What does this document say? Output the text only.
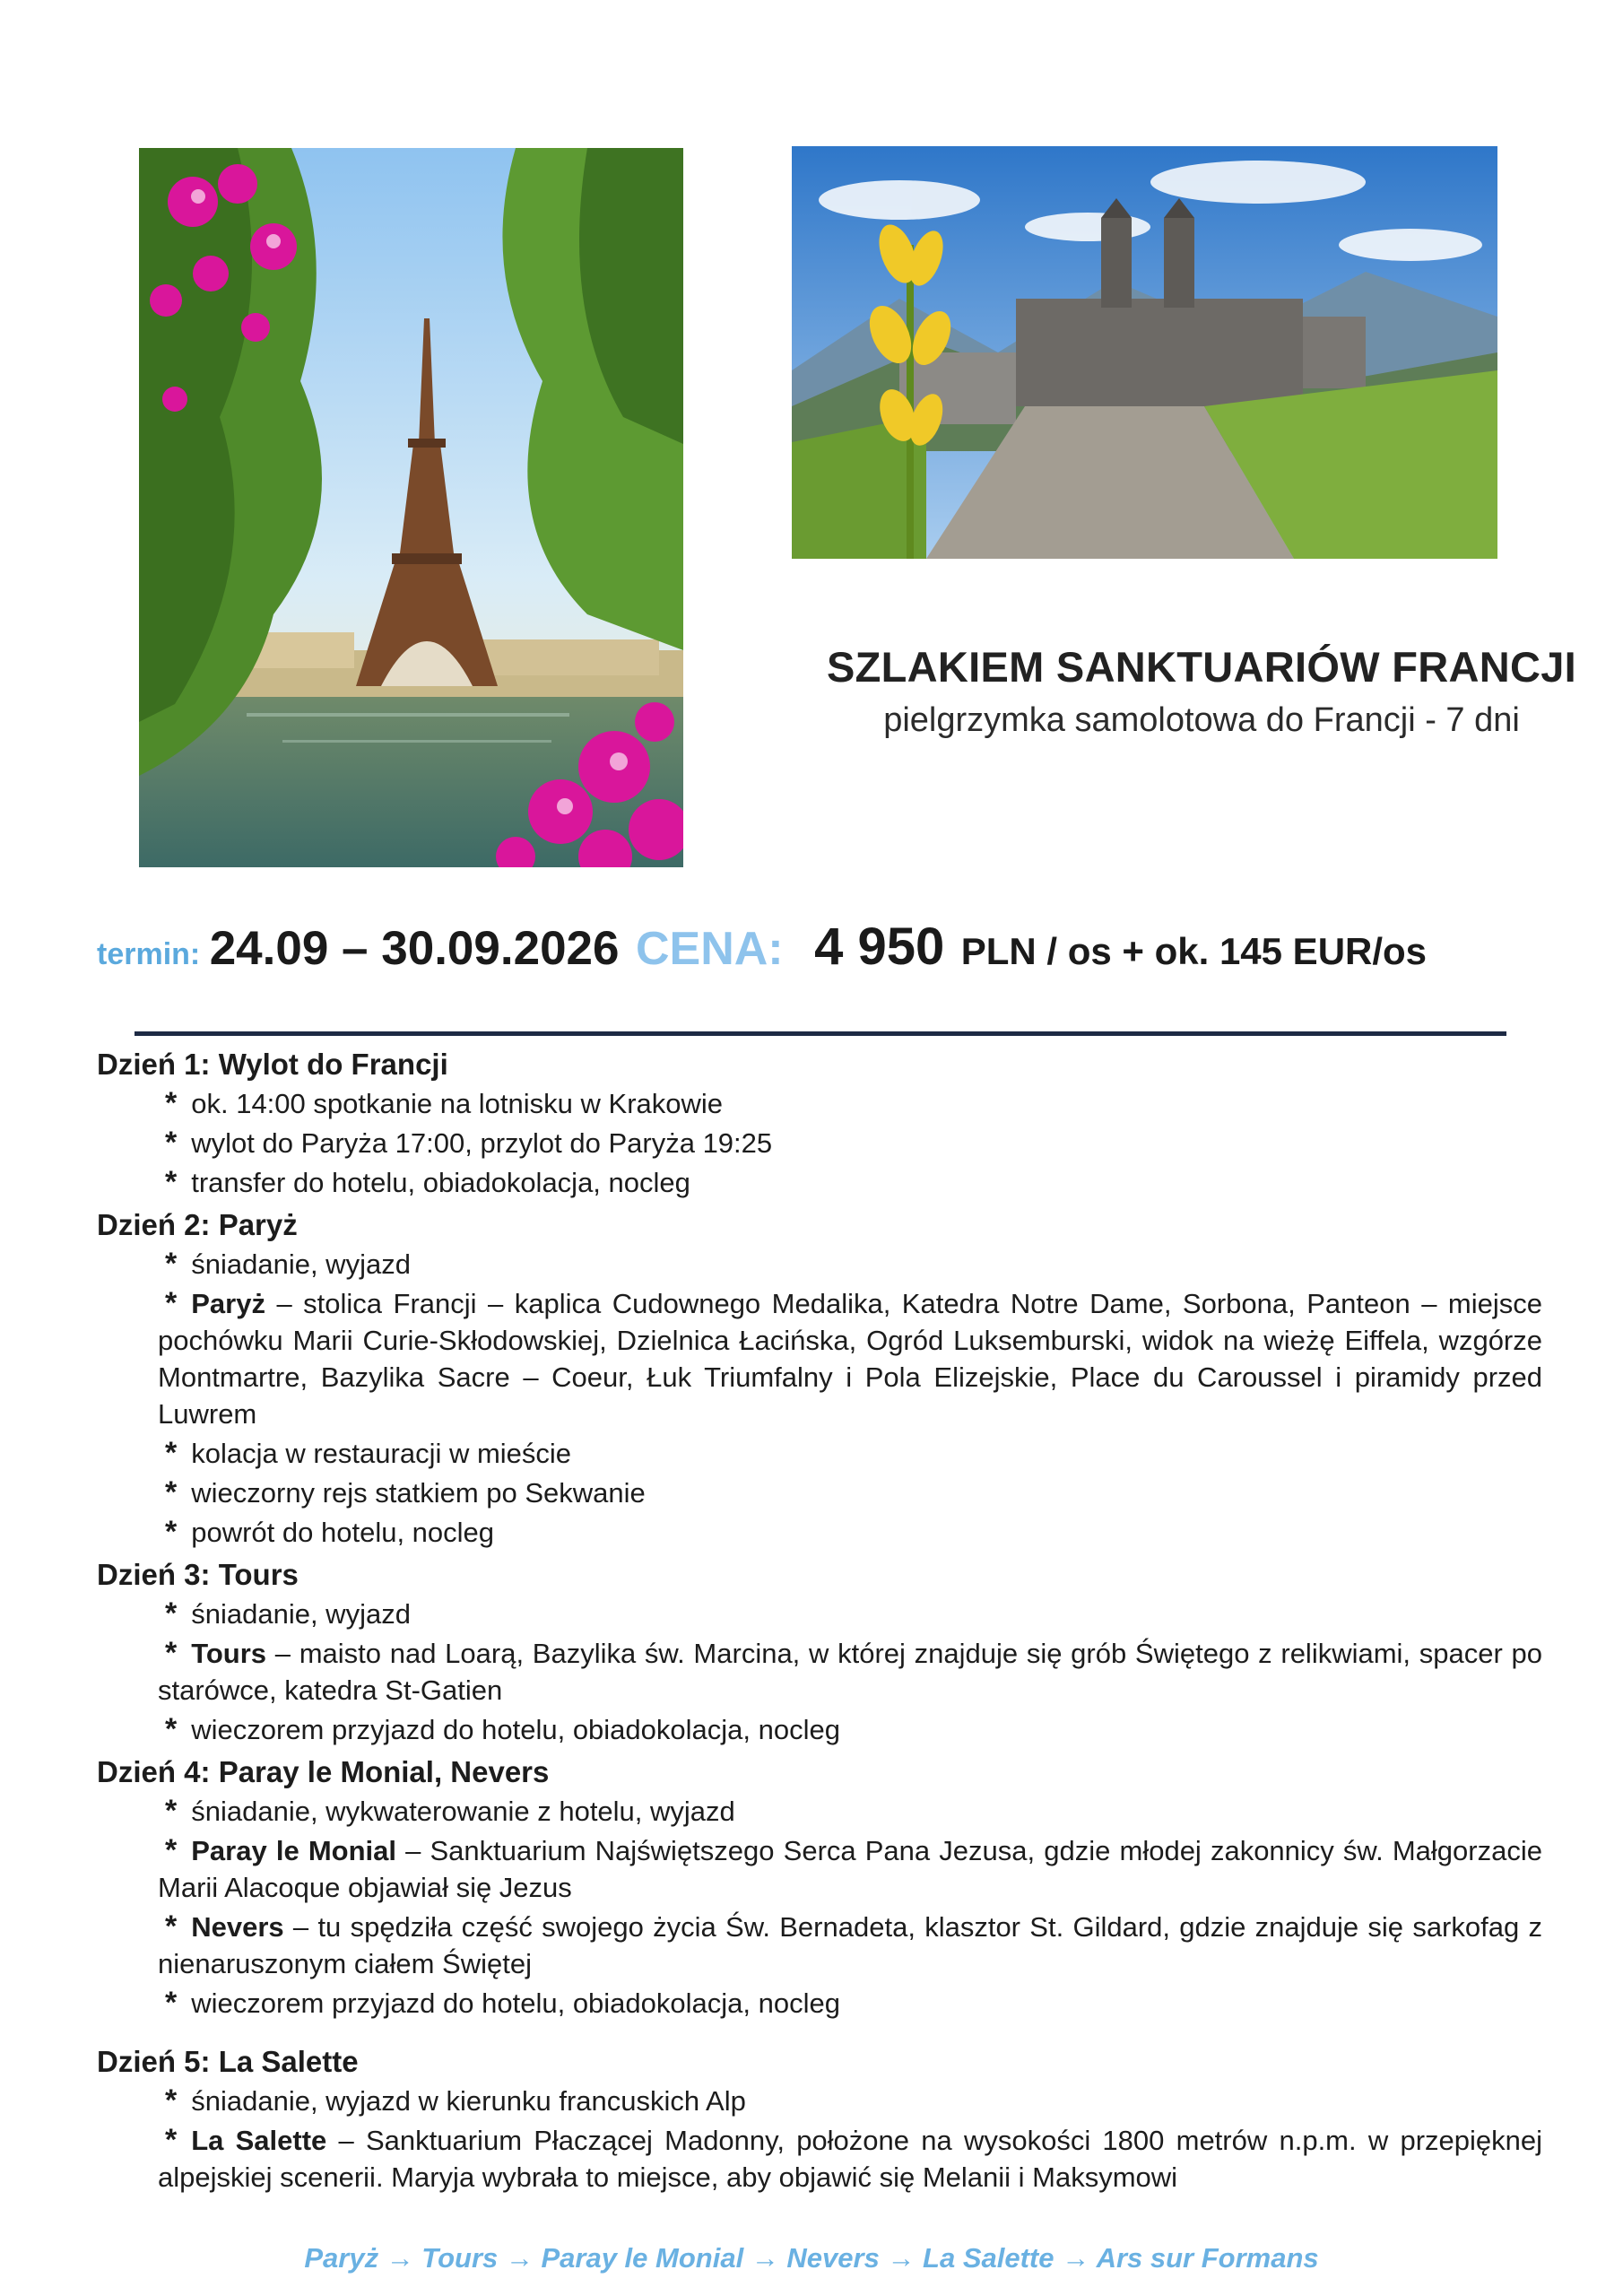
SZLAKIEM SANKTUARIÓW FRANCJI
pielgrzymka samolotowa do Francji - 7 dni
termin: 24.09 – 30.09.2026 CENA: 4 950 PLN / os + ok. 145 EUR/os
Dzień 1: Wylot do Francji
* ok. 14:00 spotkanie na lotnisku w Krakowie
* wylot do Paryża 17:00, przylot do Paryża 19:25
* transfer do hotelu, obiadokolacja, nocleg
Dzień 2: Paryż
* śniadanie, wyjazd
* Paryż – stolica Francji – kaplica Cudownego Medalika, Katedra Notre Dame, Sorbona, Panteon – miejsce pochówku Marii Curie-Skłodowskiej, Dzielnica Łacińska, Ogród Luksemburski, widok na wieżę Eiffela, wzgórze Montmartre, Bazylika Sacre – Coeur, Łuk Triumfalny i Pola Elizejskie, Place du Caroussel i piramidy przed Luwrem
* kolacja w restauracji w mieście
* wieczorny rejs statkiem po Sekwanie
* powrót do hotelu, nocleg
Dzień 3: Tours
* śniadanie, wyjazd
* Tours – maisto nad Loarą, Bazylika św. Marcina, w której znajduje się grób Świętego z relikwiami, spacer po starówce, katedra St-Gatien
* wieczorem przyjazd do hotelu, obiadokolacja, nocleg
Dzień 4: Paray le Monial, Nevers
* śniadanie, wykwaterowanie z hotelu, wyjazd
* Paray le Monial – Sanktuarium Najświętszego Serca Pana Jezusa, gdzie młodej zakonnicy św. Małgorzacie Marii Alacoque objawiał się Jezus
* Nevers – tu spędziła część swojego życia Św. Bernadeta, klasztor St. Gildard, gdzie znajduje się sarkofag z nienaruszonym ciałem Świętej
* wieczorem przyjazd do hotelu, obiadokolacja, nocleg
Dzień 5: La Salette
* śniadanie, wyjazd w kierunku francuskich Alp
* La Salette – Sanktuarium Płaczącej Madonny, położone na wysokości 1800 metrów n.p.m. w przepięknej alpejskiej scenerii. Maryja wybrała to miejsce, aby objawić się Melanii i Maksymowi
Paryż → Tours → Paray le Monial → Nevers → La Salette → Ars sur Formans
